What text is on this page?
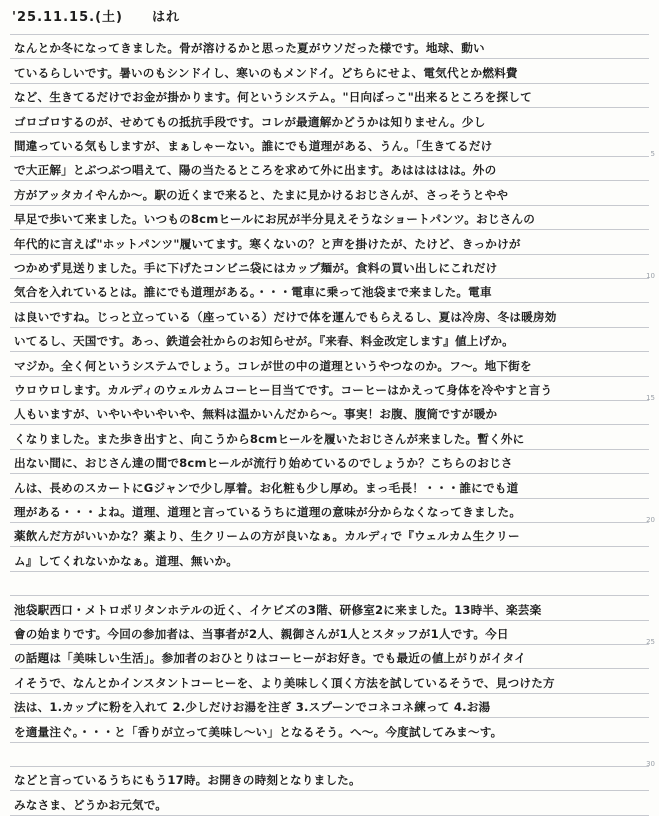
'25.11.15.(土) はれ
なんとか冬になってきました。骨が溶けるかと思った夏がウソだった様です。地球、動い
ているらしいです。暑いのもシンドイし、寒いのもメンドイ。どちらにせよ、電気代とか燃料費
など、生きてるだけでお金が掛かります。何というシステム。"日向ぼっこ"出来るところを探して
ゴロゴロするのが、せめてもの抵抗手段です。コレが最適解かどうかは知りません。少し
間違っている気もしますが、まぁしゃーない。誰にでも道理がある、うん。「生きてるだけ
で大正解」とぶつぶつ唱えて、陽の当たるところを求めて外に出ます。あははははは。外の
方がアッタカイやんか〜。駅の近くまで来ると、たまに見かけるおじさんが、さっそうとやや
早足で歩いて来ました。いつもの8cmヒールにお尻が半分見えそうなショートパンツ。おじさんの
年代的に言えば"ホットパンツ"履いてます。寒くないの？と声を掛けたが、たけど、きっかけが
つかめず見送りました。手に下げたコンビニ袋にはカップ麺が。食料の買い出しにこれだけ
気合を入れているとは。誰にでも道理がある。・・・電車に乗って池袋まで来ました。電車
は良いですね。じっと立っている（座っている）だけで体を運んでもらえるし、夏は冷房、冬は暖房効
いてるし、天国です。あっ、鉄道会社からのお知らせが。『来春、料金改定します』値上げか。
マジか。全く何というシステムでしょう。コレが世の中の道理というやつなのか。フ〜。地下街を
ウロウロします。カルディのウェルカムコーヒー目当てです。コーヒーはかえって身体を冷やすと言う
人もいますが、いやいやいやいや、無料は温かいんだから〜。事実！お腹、腹筒ですが暖か
くなりました。また歩き出すと、向こうから8cmヒールを履いたおじさんが来ました。暫く外に
出ない間に、おじさん達の間で8cmヒールが流行り始めているのでしょうか？こちらのおじさ
んは、長めのスカートにGジャンで少し厚着。お化粧も少し厚め。まっ毛長！・・・誰にでも道
理がある・・・よね。道理、道理と言っているうちに道理の意味が分からなくなってきました。
薬飲んだ方がいいかな？薬より、生クリームの方が良いなぁ。カルディで『ウェルカム生クリー
ム』してくれないかなぁ。道理、無いか。
池袋駅西口・メトロポリタンホテルの近く、イケビズの3階、研修室2に来ました。13時半、楽芸楽
會の始まりです。今回の参加者は、当事者が2人、親御さんが1人とスタッフが1人です。今日
の話題は「美味しい生活」。参加者のおひとりはコーヒーがお好き。でも最近の値上がりがイタイ
イそうで、なんとかインスタントコーヒーを、より美味しく頂く方法を試しているそうで、見つけた方
法は、1.カップに粉を入れて 2.少しだけお湯を注ぎ 3.スプーンでコネコネ練って 4.お湯
を適量注ぐ。・・・と「香りが立って美味し〜い」となるそう。へ〜。今度試してみま〜す。
などと言っているうちにもう17時。お開きの時刻となりました。
みなさま、どうかお元気で。
5
10
15
20
25
30
